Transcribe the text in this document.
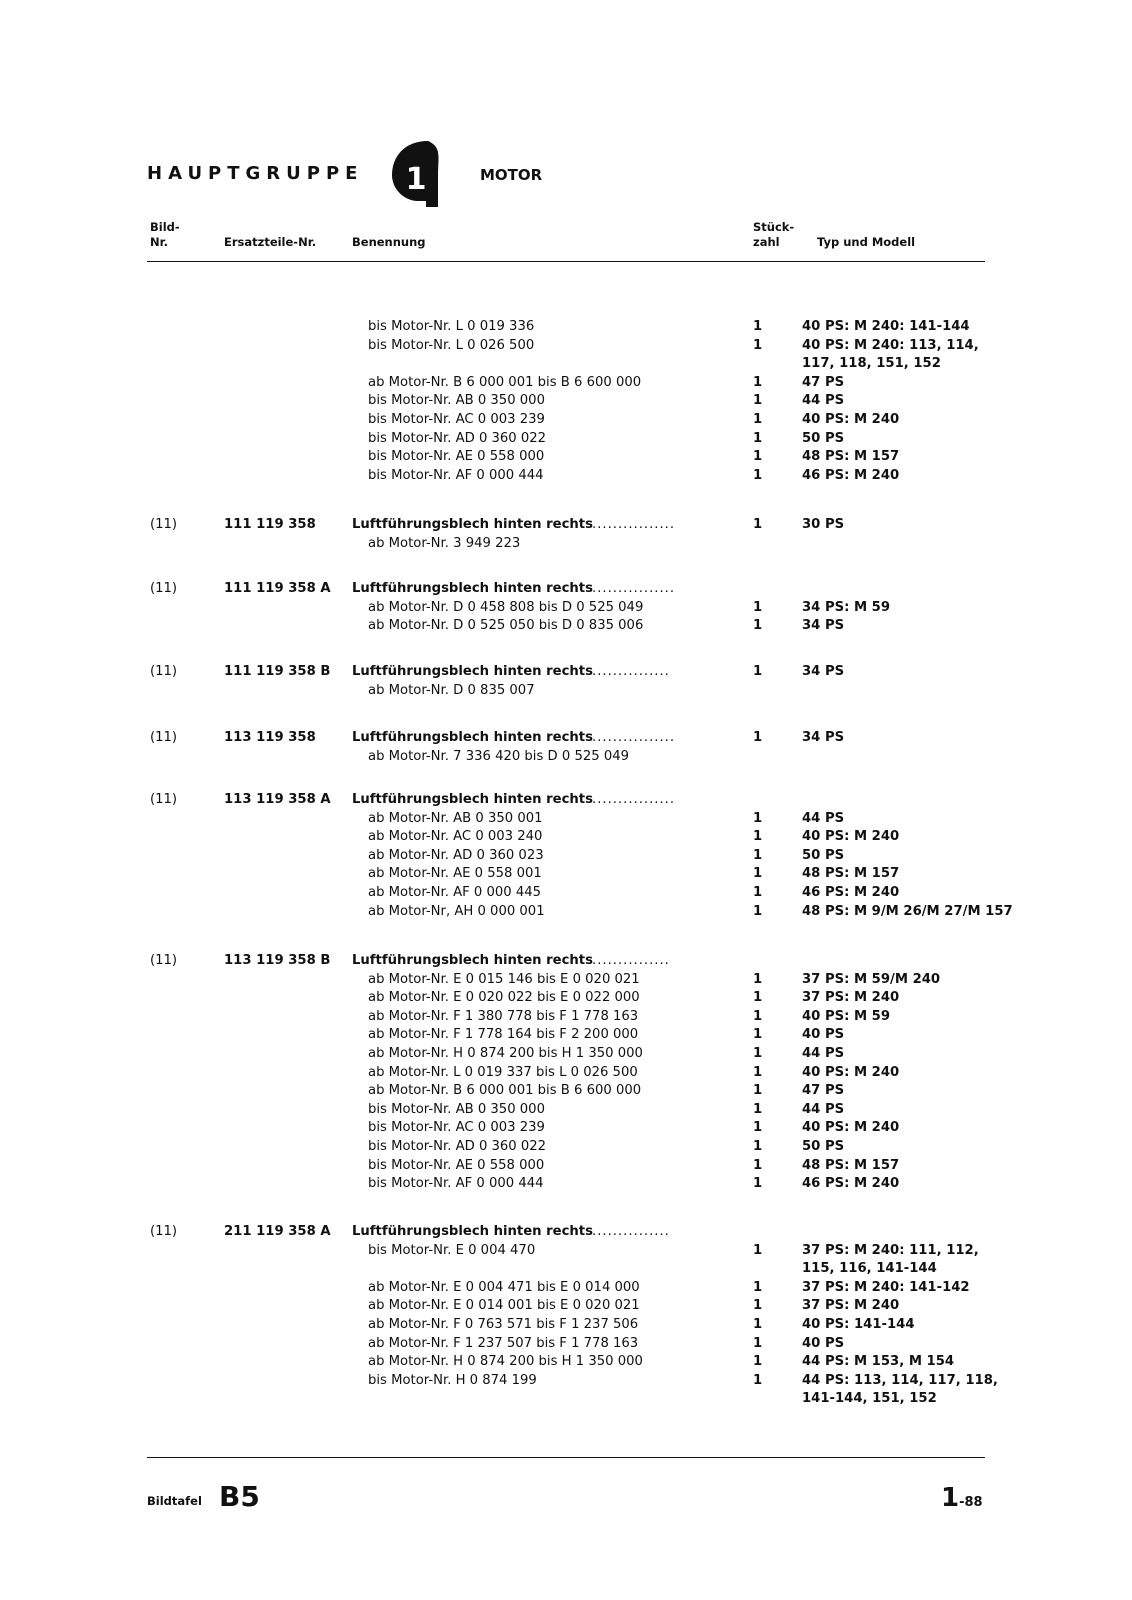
HAUPTGRUPPE 1	MOTOR
Bild-
Nr.	Ersatzteile-Nr.	Benennung
Stück-
zahl	Typ und Modell
bis Motor-Nr. L 0 019 336	1	40 PS: M 240: 141-144
bis Motor-Nr. L 0 026 500	1	40 PS: M 240: 113, 114,
117, 118, 151, 152
ab Motor-Nr. B 6 000 001 bis B 6 600 000	1	47 PS
bis Motor-Nr. AB 0 350 000	1	44 PS
bis Motor-Nr. AC 0 003 239	1	40 PS: M 240
bis Motor-Nr. AD 0 360 022	1	50 PS
bis Motor-Nr. AE 0 558 000	1	48 PS: M 157
bis Motor-Nr. AF 0 000 444	1	46 PS: M 240
(11)	111 119 358	Luftführungsblech hinten rechts ................	1	30 PS
ab Motor-Nr. 3 949 223
(11)	111 119 358 A Luftführungsblech hinten rechts ................
ab Motor-Nr. D 0 458 808 bis D 0 525 049	1	34 PS: M 59
ab Motor-Nr. D 0 525 050 bis D 0 835 006	1	34 PS
(11)	111 119 358 B Luftführungsblech hinten rechts ...............	1	34 PS
ab Motor-Nr. D 0 835 007
(11)	113 119 358	Luftführungsblech hinten rechts ................	1	34 PS
ab Motor-Nr. 7 336 420 bis D 0 525 049
(11)	113 119 358 A Luftführungsblech hinten rechts ................
ab Motor-Nr. AB 0 350 001	1	44 PS
ab Motor-Nr. AC 0 003 240	1	40 PS: M 240
ab Motor-Nr. AD 0 360 023	1	50 PS
ab Motor-Nr. AE 0 558 001	1	48 PS: M 157
ab Motor-Nr. AF 0 000 445	1	46 PS: M 240
ab Motor-Nr, AH 0 000 001	1	48 PS: M 9/M 26/M 27/M 157
(11)	113 119 358 B Luftführungsblech hinten rechts ...............
ab Motor-Nr. E 0 015 146 bis E 0 020 021	1	37 PS: M 59/M 240
ab Motor-Nr. E 0 020 022 bis E 0 022 000	1	37 PS: M 240
ab Motor-Nr. F 1 380 778 bis F 1 778 163	1	40 PS: M 59
ab Motor-Nr. F 1 778 164 bis F 2 200 000	1	40 PS
ab Motor-Nr. H 0 874 200 bis H 1 350 000	1	44 PS
ab Motor-Nr. L 0 019 337 bis L 0 026 500	1	40 PS: M 240
ab Motor-Nr. B 6 000 001 bis B 6 600 000	1	47 PS
bis Motor-Nr. AB 0 350 000	1	44 PS
bis Motor-Nr. AC 0 003 239	1	40 PS: M 240
bis Motor-Nr. AD 0 360 022	1	50 PS
bis Motor-Nr. AE 0 558 000	1	48 PS: M 157
bis Motor-Nr. AF 0 000 444	1	46 PS: M 240
(11)	211 119 358 A Luftführungsblech hinten rechts ...............
bis Motor-Nr. E 0 004 470	1	37 PS: M 240: 111, 112,
115, 116, 141-144
ab Motor-Nr. E 0 004 471 bis E 0 014 000	1	37 PS: M 240: 141-142
ab Motor-Nr. E 0 014 001 bis E 0 020 021	1	37 PS: M 240
ab Motor-Nr. F 0 763 571 bis F 1 237 506	1	40 PS: 141-144
ab Motor-Nr. F 1 237 507 bis F 1 778 163	1	40 PS
ab Motor-Nr. H 0 874 200 bis H 1 350 000	1	44 PS: M 153, M 154
bis Motor-Nr. H 0 874 199	1	44 PS: 113, 114, 117, 118,
141-144, 151, 152
Bildtafel B5	1-88
